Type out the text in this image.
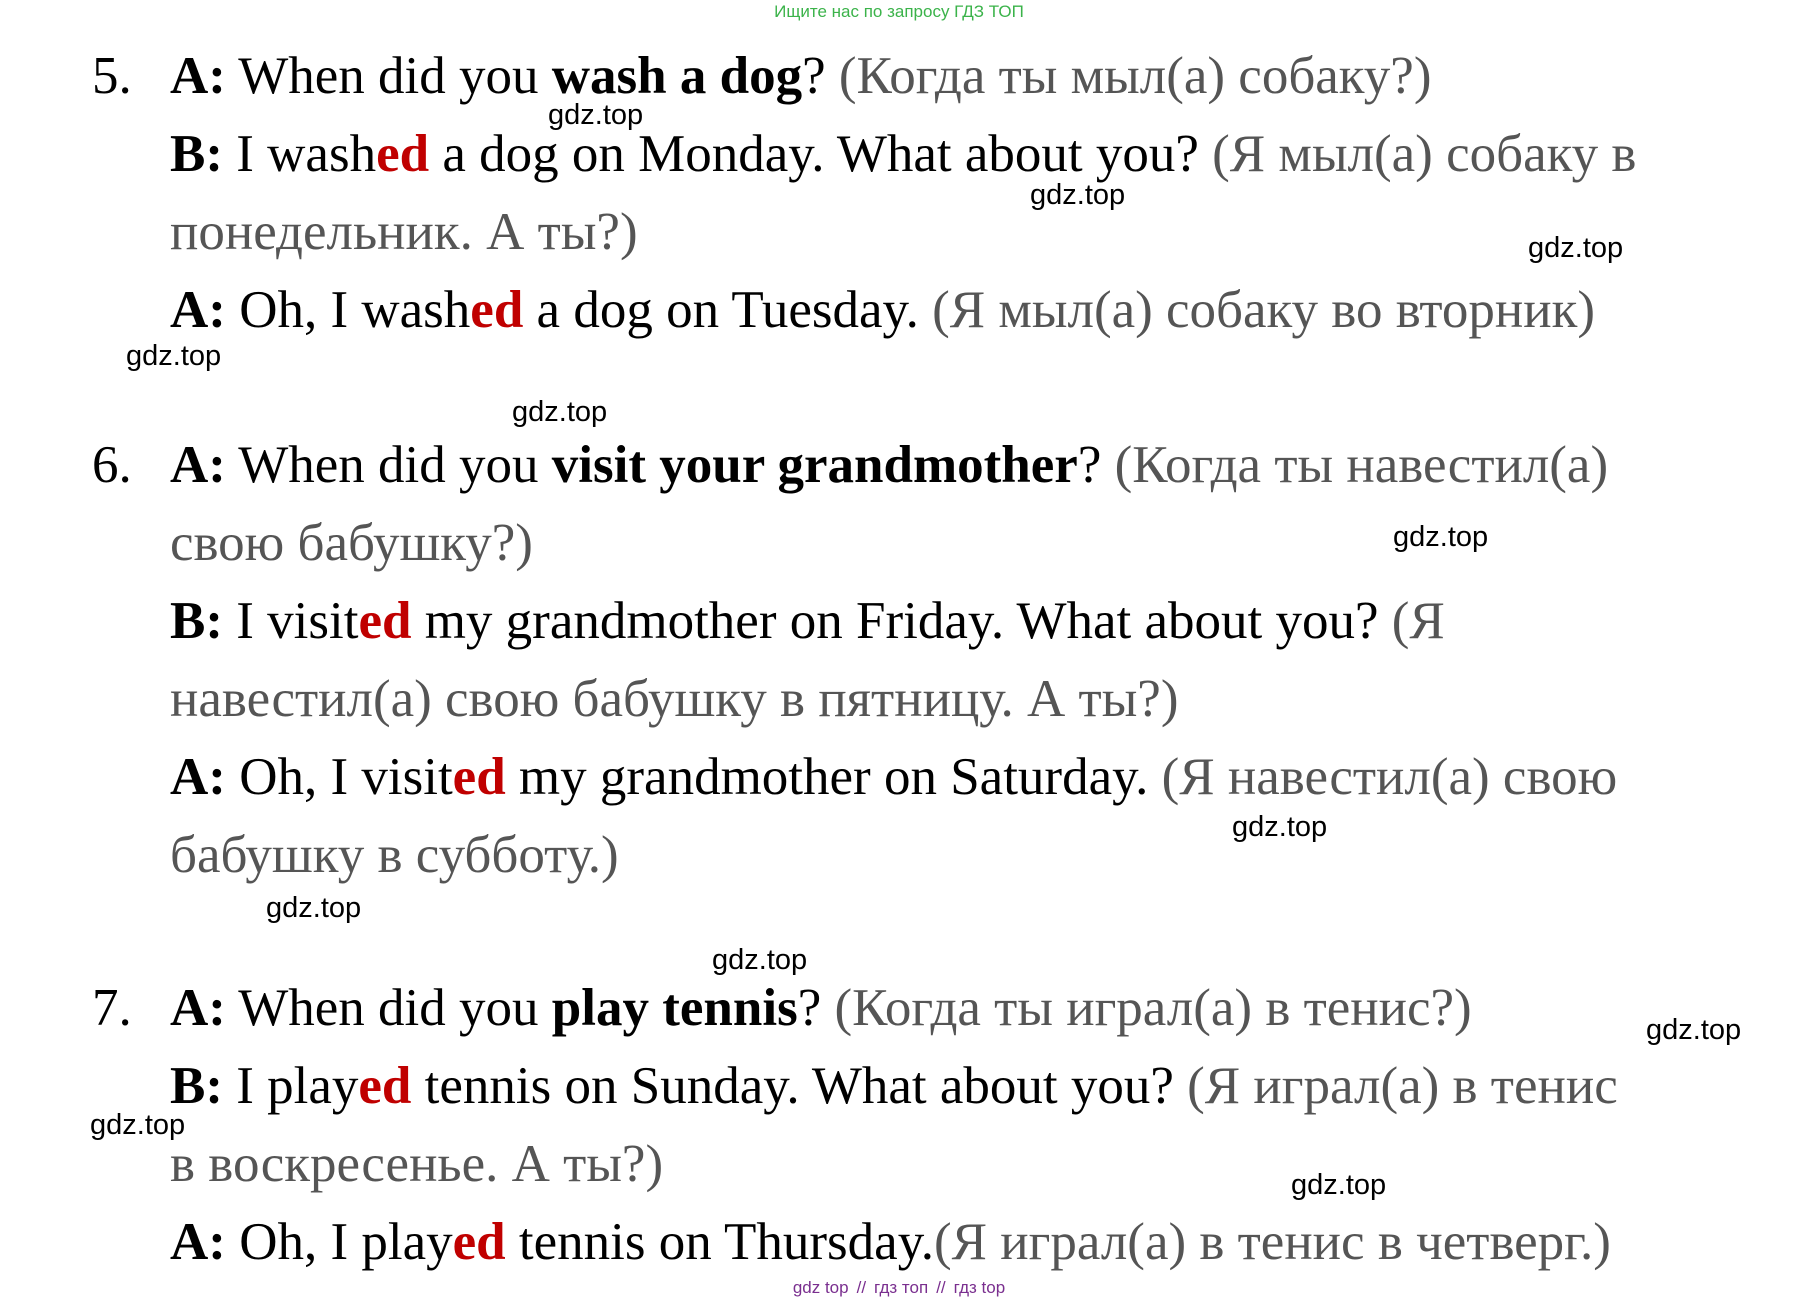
Ищите нас по запросу ГДЗ ТОП
5. A: When did you wash a dog? (Когда ты мыл(а) собаку?)
B: I washed a dog on Monday. What about you? (Я мыл(а) собаку в
понедельник. А ты?)
A: Oh, I washed a dog on Tuesday. (Я мыл(а) собаку во вторник)
6. A: When did you visit your grandmother? (Когда ты навестил(а)
свою бабушку?)
B: I visited my grandmother on Friday. What about you? (Я
навестил(а) свою бабушку в пятницу. А ты?)
A: Oh, I visited my grandmother on Saturday. (Я навестил(а) свою
бабушку в субботу.)
7. A: When did you play tennis? (Когда ты играл(а) в тенис?)
B: I played tennis on Sunday. What about you? (Я играл(а) в тенис
в воскресенье. А ты?)
A: Oh, I played tennis on Thursday.(Я играл(а) в тенис в четверг.)
gdz.top
gdz.top
gdz.top
gdz.top
gdz.top
gdz.top
gdz.top
gdz.top
gdz.top
gdz.top
gdz.top
gdz.top
gdz top // гдз топ // гдз top
